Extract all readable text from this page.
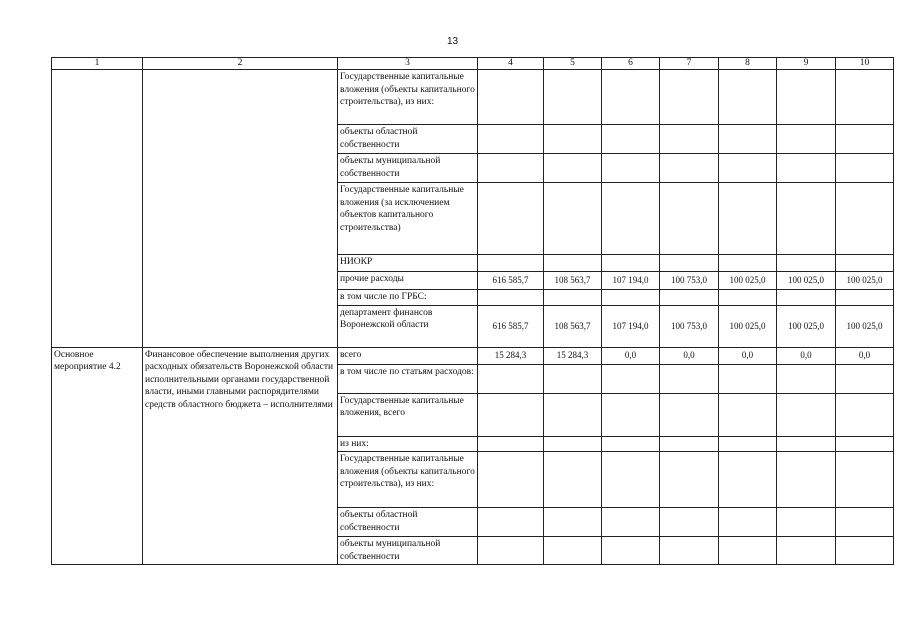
13
1	2	3	4	5	6	7	8	9	10
		Государственные капитальные вложения (объекты капитального строительства), из них:							
		объекты областной собственности							
		объекты муниципальной собственности							
		Государственные капитальные вложения (за исключением объектов капитального строительства)							
		НИОКР							
		прочие расходы	616 585,7	108 563,7	107 194,0	100 753,0	100 025,0	100 025,0	100 025,0
		в том числе по ГРБС:							
		департамент финансов Воронежской области	616 585,7	108 563,7	107 194,0	100 753,0	100 025,0	100 025,0	100 025,0
Основное мероприятие 4.2	Финансовое обеспечение выполнения других расходных обязательств Воронежской области исполнительными органами государственной власти, иными главными распорядителями средств областного бюджета – исполнителями	всего	15 284,3	15 284,3	0,0	0,0	0,0	0,0	0,0
		в том числе по статьям расходов:							
		Государственные капитальные вложения, всего							
		из них:							
		Государственные капитальные вложения (объекты капитального строительства), из них:							
		объекты областной собственности							
		объекты муниципальной собственности							
